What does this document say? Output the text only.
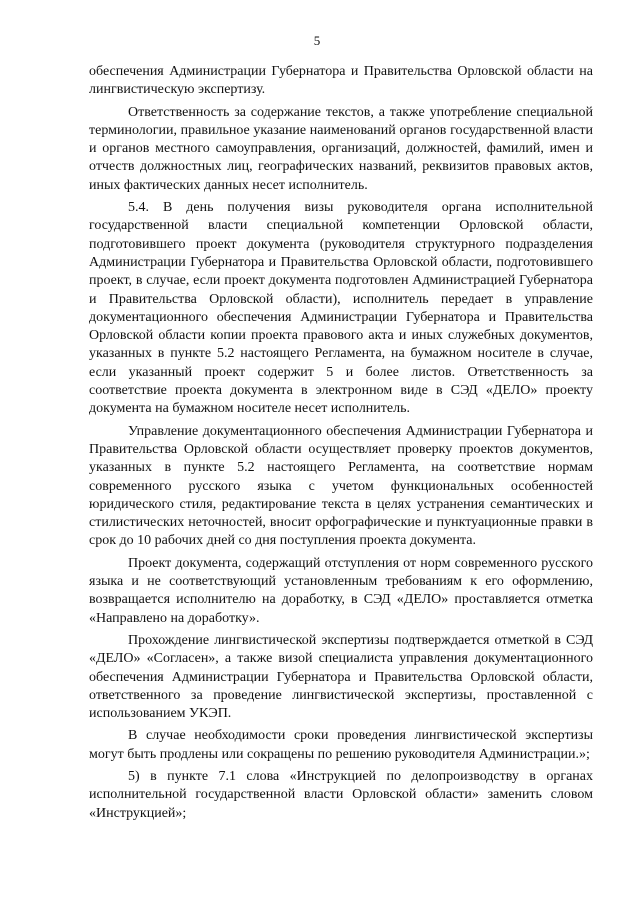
5

обеспечения Администрации Губернатора и Правительства Орловской области на лингвистическую экспертизу.

Ответственность за содержание текстов, а также употребление специальной терминологии, правильное указание наименований органов государственной власти и органов местного самоуправления, организаций, должностей, фамилий, имен и отчеств должностных лиц, географических названий, реквизитов правовых актов, иных фактических данных несет исполнитель.

5.4. В день получения визы руководителя органа исполнительной государственной власти специальной компетенции Орловской области, подготовившего проект документа (руководителя структурного подразделения Администрации Губернатора и Правительства Орловской области, подготовившего проект, в случае, если проект документа подготовлен Администрацией Губернатора и Правительства Орловской области), исполнитель передает в управление документационного обеспечения Администрации Губернатора и Правительства Орловской области копии проекта правового акта и иных служебных документов, указанных в пункте 5.2 настоящего Регламента, на бумажном носителе в случае, если указанный проект содержит 5 и более листов. Ответственность за соответствие проекта документа в электронном виде в СЭД «ДЕЛО» проекту документа на бумажном носителе несет исполнитель.

Управление документационного обеспечения Администрации Губернатора и Правительства Орловской области осуществляет проверку проектов документов, указанных в пункте 5.2 настоящего Регламента, на соответствие нормам современного русского языка с учетом функциональных особенностей юридического стиля, редактирование текста в целях устранения семантических и стилистических неточностей, вносит орфографические и пунктуационные правки в срок до 10 рабочих дней со дня поступления проекта документа.

Проект документа, содержащий отступления от норм современного русского языка и не соответствующий установленным требованиям к его оформлению, возвращается исполнителю на доработку, в СЭД «ДЕЛО» проставляется отметка «Направлено на доработку».

Прохождение лингвистической экспертизы подтверждается отметкой в СЭД «ДЕЛО» «Согласен», а также визой специалиста управления документационного обеспечения Администрации Губернатора и Правительства Орловской области, ответственного за проведение лингвистической экспертизы, проставленной с использованием УКЭП.

В случае необходимости сроки проведения лингвистической экспертизы могут быть продлены или сокращены по решению руководителя Администрации.»;

5) в пункте 7.1 слова «Инструкцией по делопроизводству в органах исполнительной государственной власти Орловской области» заменить словом «Инструкцией»;
